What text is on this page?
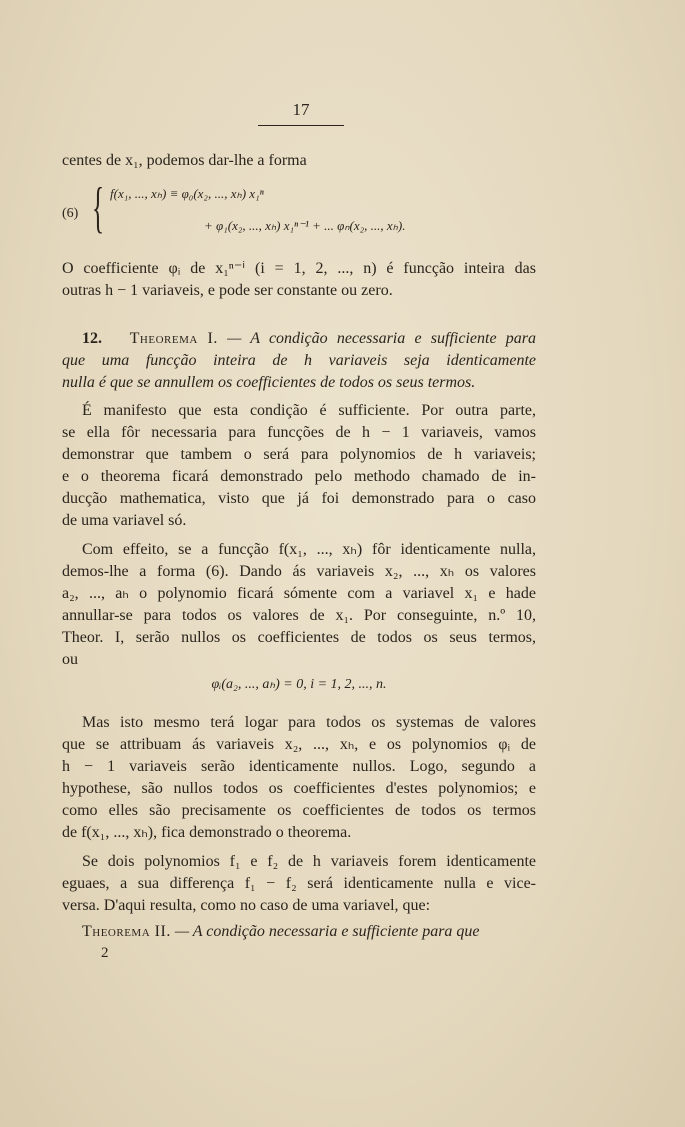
17
centes de x₁, podemos dar-lhe a forma
(6) { f(x₁, ..., xₕ) ≡ φ₀(x₂, ..., xₕ) x₁ⁿ
+ φ₁(x₂, ..., xₕ) x₁ⁿ⁻¹ + ... φₙ(x₂, ..., xₕ).
O coefficiente φᵢ de x₁ⁿ⁻ⁱ (i = 1, 2, ..., n) é funcção inteira das
outras h − 1 variaveis, e pode ser constante ou zero.
12. Theorema I. — A condição necessaria e sufficiente para
que uma funcção inteira de h variaveis seja identicamente
nulla é que se annullem os coefficientes de todos os seus termos.
É manifesto que esta condição é sufficiente. Por outra parte,
se ella fôr necessaria para funcções de h − 1 variaveis, vamos
demonstrar que tambem o será para polynomios de h variaveis;
e o theorema ficará demonstrado pelo methodo chamado de in-
ducção mathematica, visto que já foi demonstrado para o caso
de uma variavel só.
Com effeito, se a funcção f(x₁, ..., xₕ) fôr identicamente nulla,
demos-lhe a forma (6). Dando ás variaveis x₂, ..., xₕ os valores
a₂, ..., aₕ o polynomio ficará sómente com a variavel x₁ e hade
annullar-se para todos os valores de x₁. Por conseguinte, n.º 10,
Theor. I, serão nullos os coefficientes de todos os seus termos,
ou
φᵢ(a₂, ..., aₕ) = 0, i = 1, 2, ..., n.
Mas isto mesmo terá logar para todos os systemas de valores
que se attribuam ás variaveis x₂, ..., xₕ, e os polynomios φᵢ de
h − 1 variaveis serão identicamente nullos. Logo, segundo a
hypothese, são nullos todos os coefficientes d'estes polynomios; e
como elles são precisamente os coefficientes de todos os termos
de f(x₁, ..., xₕ), fica demonstrado o theorema.
Se dois polynomios f₁ e f₂ de h variaveis forem identicamente
eguaes, a sua differença f₁ − f₂ será identicamente nulla e vice-
versa. D'aqui resulta, como no caso de uma variavel, que:
Theorema II. — A condição necessaria e sufficiente para que
2
